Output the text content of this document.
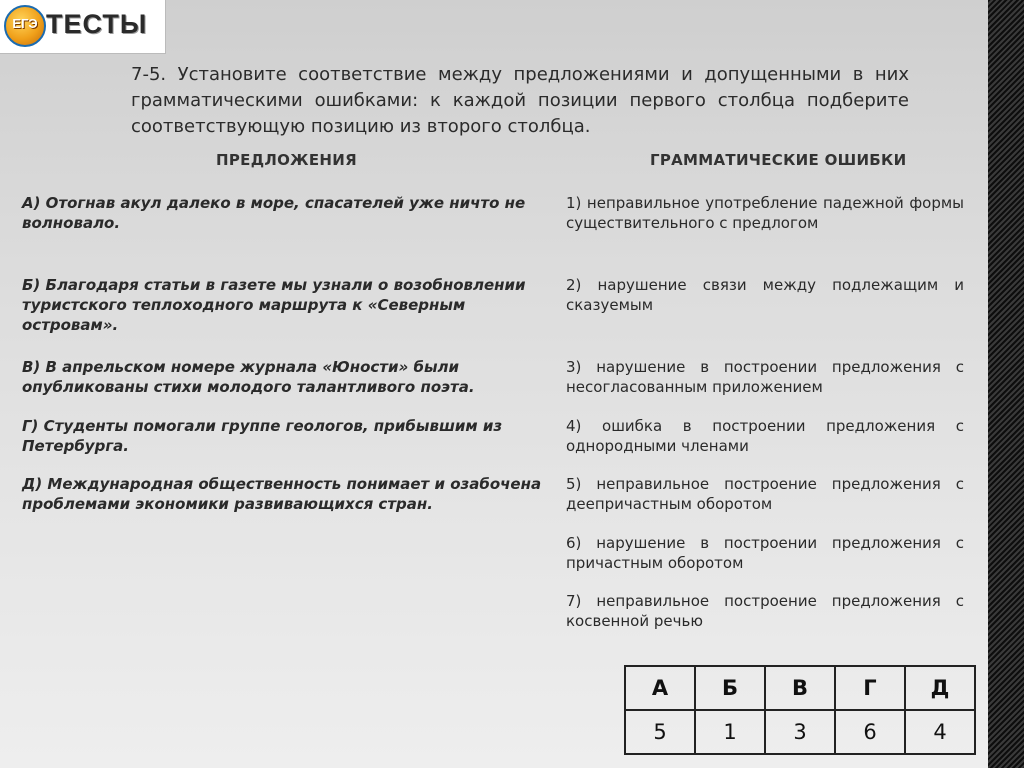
ЕГЭ ТЕСТЫ
7-5. Установите соответствие между предложениями и допущенными в них грамматическими ошибками: к каждой позиции первого столбца подберите соответствующую позицию из второго столбца.
ПРЕДЛОЖЕНИЯ	ГРАММАТИЧЕСКИЕ ОШИБКИ
А) Отогнав акул далеко в море, спасателей уже ничто не волновало.
Б) Благодаря статьи в газете мы узнали о возобновлении туристского теплоходного маршрута к «Северным островам».
В) В апрельском номере журнала «Юности» были опубликованы стихи молодого талантливого поэта.
Г) Студенты помогали группе геологов, прибывшим из Петербурга.
Д) Международная общественность понимает и озабочена проблемами экономики развивающихся стран.
1) неправильное употребление падежной формы существительного с предлогом
2) нарушение связи между подлежащим и сказуемым
3) нарушение в построении предложения с несогласованным приложением
4) ошибка в построении предложения с однородными членами
5) неправильное построение предложения с деепричастным оборотом
6) нарушение в построении предложения с причастным оборотом
7) неправильное построение предложения с косвенной речью
А	Б	В	Г	Д
5	1	3	6	4
